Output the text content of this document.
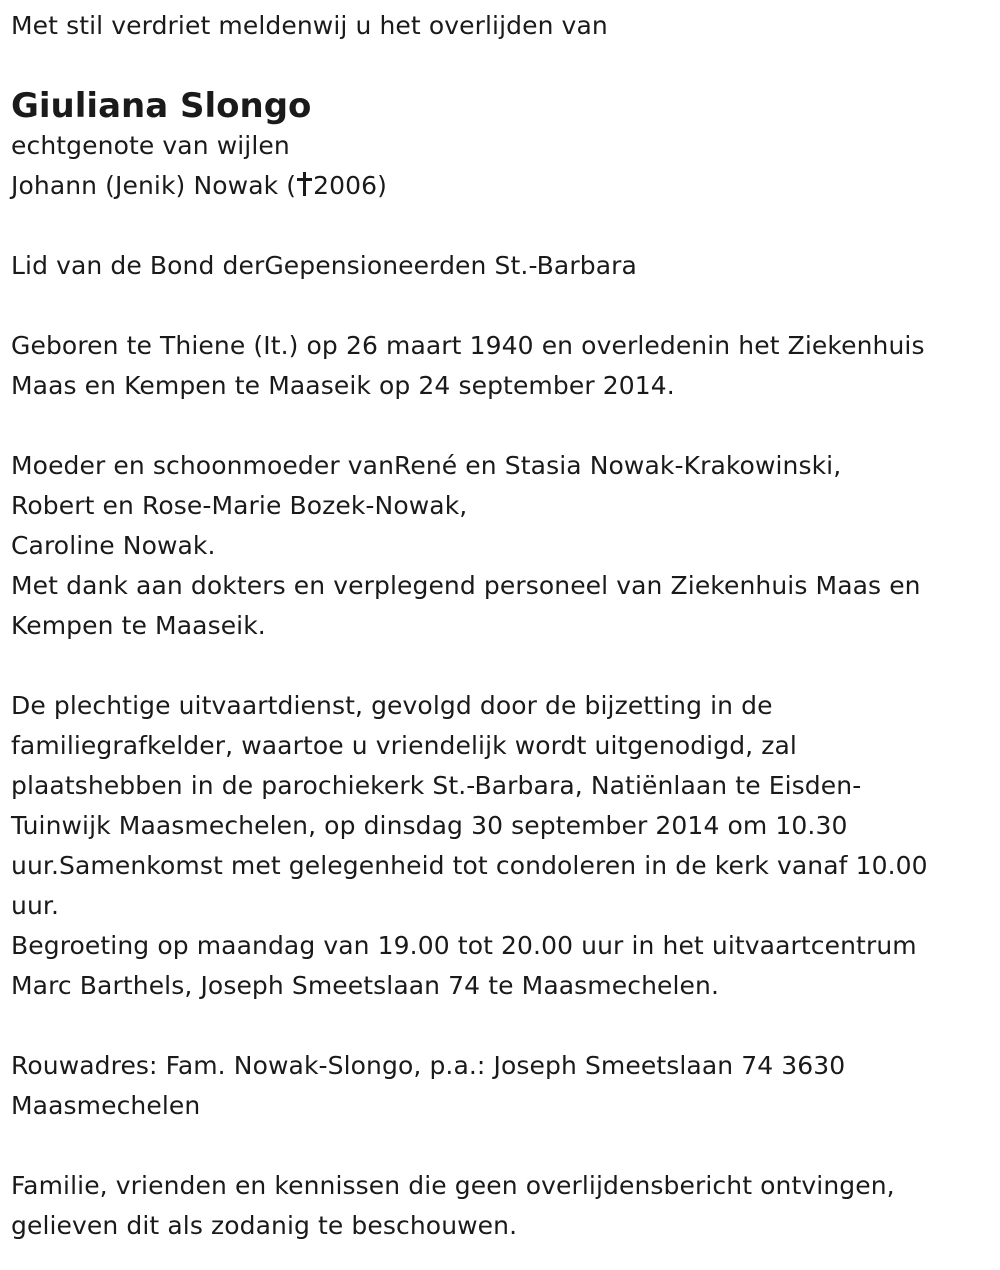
Met stil verdriet meldenwij u het overlijden van
Giuliana Slongo
echtgenote van wijlen
Johann (Jenik) Nowak ( 2006)
Lid van de Bond derGepensioneerden St.-Barbara
Geboren te Thiene (It.) op 26 maart 1940 en overledenin het Ziekenhuis
Maas en Kempen te Maaseik op 24 september 2014.
Moeder en schoonmoeder vanRené en Stasia Nowak-Krakowinski,
Robert en Rose-Marie Bozek-Nowak,
Caroline Nowak.
Met dank aan dokters en verplegend personeel van Ziekenhuis Maas en
Kempen te Maaseik.
De plechtige uitvaartdienst, gevolgd door de bijzetting in de
familiegrafkelder, waartoe u vriendelijk wordt uitgenodigd, zal
plaatshebben in de parochiekerk St.-Barbara, Natiënlaan te Eisden-
Tuinwijk Maasmechelen, op dinsdag 30 september 2014 om 10.30
uur.Samenkomst met gelegenheid tot condoleren in de kerk vanaf 10.00
uur.
Begroeting op maandag van 19.00 tot 20.00 uur in het uitvaartcentrum
Marc Barthels, Joseph Smeetslaan 74 te Maasmechelen.
Rouwadres: Fam. Nowak-Slongo, p.a.: Joseph Smeetslaan 74 3630
Maasmechelen
Familie, vrienden en kennissen die geen overlijdensbericht ontvingen,
gelieven dit als zodanig te beschouwen.
